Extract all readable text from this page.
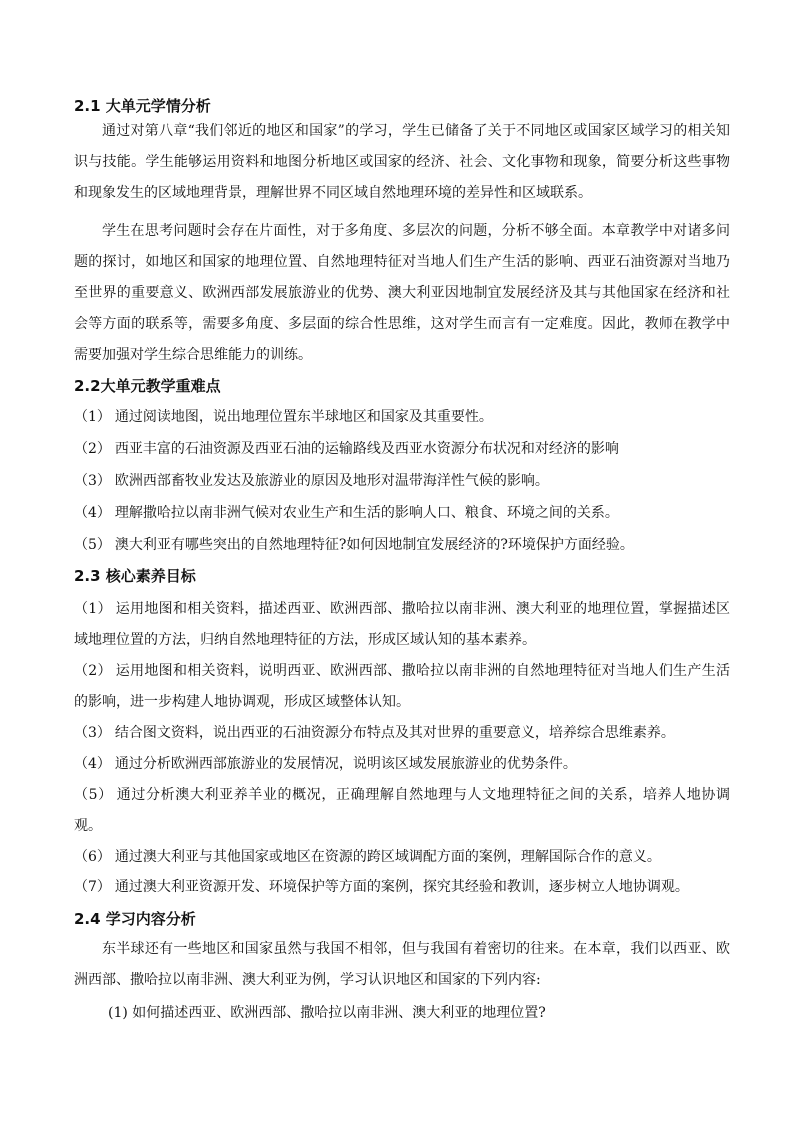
2.1 大单元学情分析

通过对第八章“我们邻近的地区和国家”的学习，学生已储备了关于不同地区或国家区域学习的相关知识与技能。学生能够运用资料和地图分析地区或国家的经济、社会、文化事物和现象，简要分析这些事物和现象发生的区域地理背景，理解世界不同区域自然地理环境的差异性和区域联系。

学生在思考问题时会存在片面性，对于多角度、多层次的问题，分析不够全面。本章教学中对诸多问题的探讨，如地区和国家的地理位置、自然地理特征对当地人们生产生活的影响、西亚石油资源对当地乃至世界的重要意义、欧洲西部发展旅游业的优势、澳大利亚因地制宜发展经济及其与其他国家在经济和社会等方面的联系等，需要多角度、多层面的综合性思维，这对学生而言有一定难度。因此，教师在教学中需要加强对学生综合思维能力的训练。

2.2大单元教学重难点
（1） 通过阅读地图，说出地理位置东半球地区和国家及其重要性。
（2） 西亚丰富的石油资源及西亚石油的运输路线及西亚水资源分布状况和对经济的影响
（3） 欧洲西部畜牧业发达及旅游业的原因及地形对温带海洋性气候的影响。
（4） 理解撒哈拉以南非洲气候对农业生产和生活的影响人口、粮食、环境之间的关系。
（5） 澳大利亚有哪些突出的自然地理特征?如何因地制宜发展经济的?环境保护方面经验。
2.3 核心素养目标
（1） 运用地图和相关资料，描述西亚、欧洲西部、撒哈拉以南非洲、澳大利亚的地理位置，掌握描述区域地理位置的方法，归纳自然地理特征的方法，形成区域认知的基本素养。
（2） 运用地图和相关资料，说明西亚、欧洲西部、撒哈拉以南非洲的自然地理特征对当地人们生产生活的影响，进一步构建人地协调观，形成区域整体认知。
（3） 结合图文资料，说出西亚的石油资源分布特点及其对世界的重要意义，培养综合思维素养。
（4） 通过分析欧洲西部旅游业的发展情况，说明该区域发展旅游业的优势条件。
（5） 通过分析澳大利亚养羊业的概况，正确理解自然地理与人文地理特征之间的关系，培养人地协调观。
（6） 通过澳大利亚与其他国家或地区在资源的跨区域调配方面的案例，理解国际合作的意义。
（7） 通过澳大利亚资源开发、环境保护等方面的案例，探究其经验和教训，逐步树立人地协调观。
2.4 学习内容分析

东半球还有一些地区和国家虽然与我国不相邻，但与我国有着密切的往来。在本章，我们以西亚、欧洲西部、撒哈拉以南非洲、澳大利亚为例，学习认识地区和国家的下列内容:

(1) 如何描述西亚、欧洲西部、撒哈拉以南非洲、澳大利亚的地理位置?
